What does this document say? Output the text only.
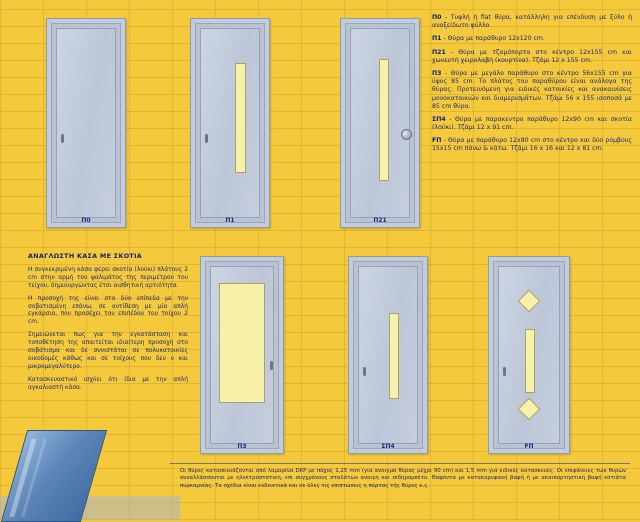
П0	П1	П21
П3	ΣΠ4	FΠ

П0 - Τυφλή ή flat θύρα, κατάλληλη για επένδυση με ξύλο ή ανοξείδωτο φύλλο.

П1 - Θύρα με παράθυρο 12x120 cm.

П21 - Θύρα με τζαμόπορτα στο κέντρο 12x155 cm και χωνευτή χειρολαβή (κουρτίνα). Τζάμι 12 x 155 cm.

П3 - Θύρα με μεγάλο παράθυρο στο κέντρο 56x155 cm για ύψος 85 cm. Το πλάτος του παραθύρου είναι ανάλογα της θύρας. Προτεινόμενη για ειδικές κατοικίες και ανακαινίσεις μονοκατοικιών και διαμερισμάτων. Τζάμι 56 x 155 ισοποσά με 85 cm θύρα.

ΣΠ4 - Θύρα με παρακεντρο παράθυρο 12x90 cm και σκοτία (λούκι). Τζάμι 12 x 91 cm.

FΠ - Θύρα με παράθυρο 12x80 cm στο κέντρο και δύο ρόμβους 15x15 cm πάνω & κάτω. Τζάμι 16 x 16 και 12 x 81 cm.

ΑΝΑΓΛΩΣΤΗ ΚΑΣΑ ΜΕ ΣΚΟΤΙΑ

Η συγκεκριμένη κάσα φέρει σκοτία (λούκι) πλάτους 2 cm στην αρμή του ψαλιμάτος της περιμέτρου του τείχου, δημιουργώντας έτσι αισθητική αρτιότητα.

Η προσοχή της είναι στα δύο επίπεδα με την σοβατισμένη επάνω, σε αντίθεση με μία απλή εγκάρσια, που προσέχει του επιπέδου του τοίχου 2 cm.

Σημειώνεται πως για την εγκατάσταση και τοποθέτηση της απαιτείται ιδιαίτερη προσοχή στο σοβάτισμα και δε συνιστάται σε πολυκατοικίες οικοδομές κάθως και σε τοίχους που δεν ν και μικρομεγαλύτερο.

Κατασκευαστικό ισχύει ότι ίδια με την απλή αγκαλιαστή κάσα.

Οι θύρες κατασκευάζονται από λαμαρίνα DKP με πάχος 1,25 mm (για ανοιγμα θύρας μέχρι 90 cm) και 1,5 mm για ειδικές κατασκευές. Οι επιφάνειες των θυρών συναλλάσσονται με ηλεκτροστατικη, επι συγχρόνους σταλάτων ανοιγη και σιδηρομπέτο. Θαφόντα με κατακορυφανή βαφή ή με ακαιπορτηστική βαφή εστιάτα πυρκαμνίας. Τα σχέδια είναι ενδεικτικά και σε όλες τις επιπτώσεις η πόρτας τής θύρες κ.ς.
